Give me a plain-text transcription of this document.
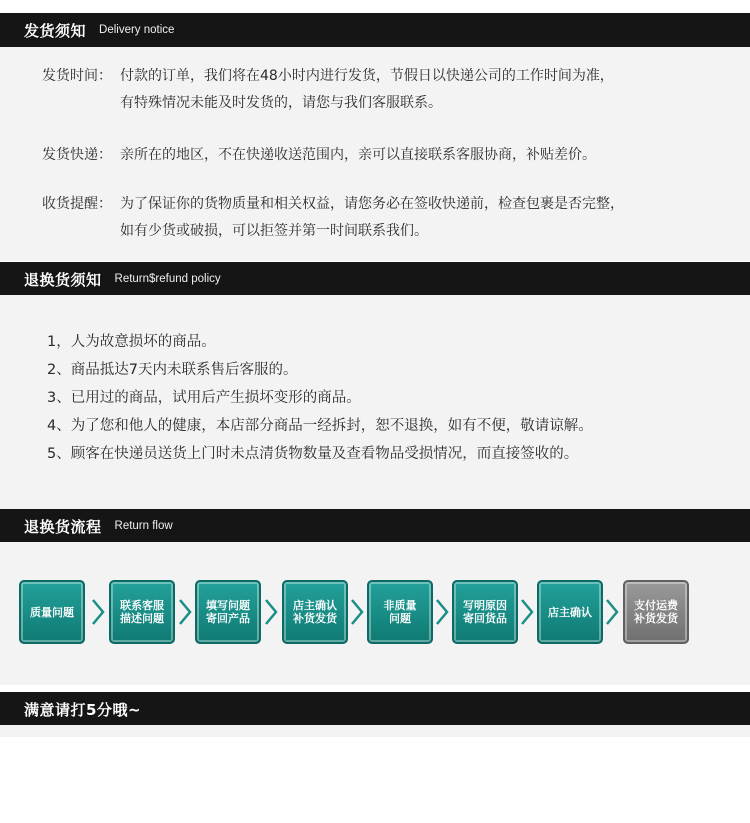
发货须知 Delivery notice
发货时间： 付款的订单，我们将在48小时内进行发货，节假日以快递公司的工作时间为准，
有特殊情况未能及时发货的，请您与我们客服联系。
发货快递： 亲所在的地区，不在快递收送范围内，亲可以直接联系客服协商，补贴差价。
收货提醒： 为了保证你的货物质量和相关权益，请您务必在签收快递前，检查包裹是否完整，
如有少货或破损，可以拒签并第一时间联系我们。
退换货须知 Return$refund policy
1，人为故意损坏的商品。
2、商品抵达7天内未联系售后客服的。
3、已用过的商品，试用后产生损坏变形的商品。
4、为了您和他人的健康，本店部分商品一经拆封，恕不退换，如有不便，敬请谅解。
5、顾客在快递员送货上门时未点清货物数量及查看物品受损情况，而直接签收的。
退换货流程 Return flow
质量问题	联系客服
描述问题
填写问题
寄回产品
店主确认
补货发货
非质量
问题
写明原因
寄回货品	店主确认	支付运费
补货发货
满意请打5分哦~
